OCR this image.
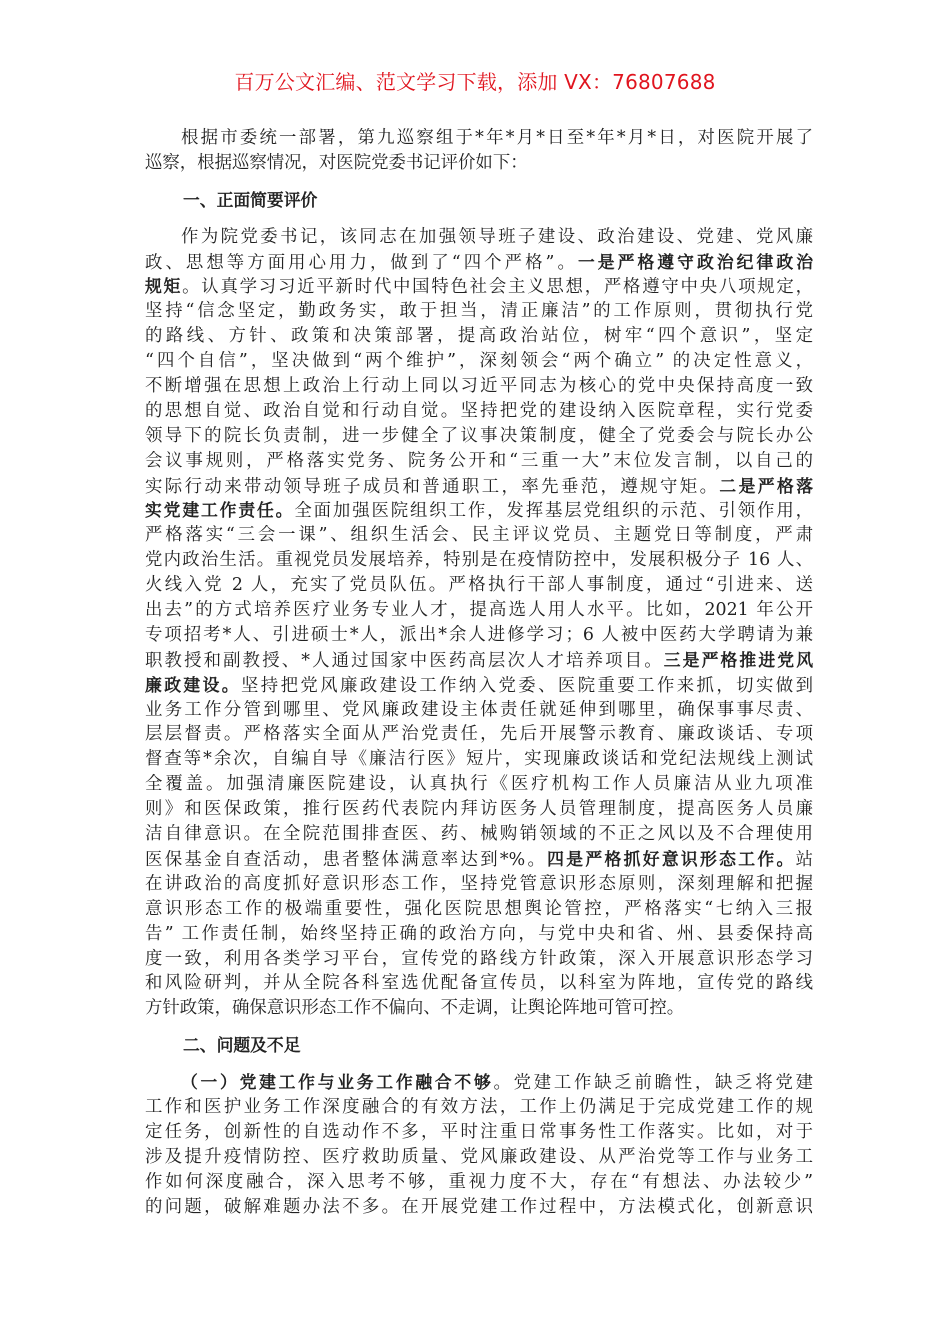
百万公文汇编、范文学习下载，添加 VX：76807688
根据市委统一部署，第九巡察组于*年*月*日至*年*月*日，对医院开展了
巡察，根据巡察情况，对医院党委书记评价如下：
一、正面简要评价
作为院党委书记，该同志在加强领导班子建设、政治建设、党建、党风廉
政、思想等方面用心用力，做到了“四个严格”。一是严格遵守政治纪律政治
规矩。认真学习习近平新时代中国特色社会主义思想，严格遵守中央八项规定，
坚持“信念坚定，勤政务实，敢于担当，清正廉洁”的工作原则，贯彻执行党
的路线、方针、政策和决策部署，提高政治站位，树牢“四个意识”，坚定
“四个自信”，坚决做到“两个维护”，深刻领会“两个确立” 的决定性意义，
不断增强在思想上政治上行动上同以习近平同志为核心的党中央保持高度一致
的思想自觉、政治自觉和行动自觉。坚持把党的建设纳入医院章程，实行党委
领导下的院长负责制，进一步健全了议事决策制度，健全了党委会与院长办公
会议事规则，严格落实党务、院务公开和“三重一大”末位发言制，以自己的
实际行动来带动领导班子成员和普通职工，率先垂范，遵规守矩。二是严格落
实党建工作责任。全面加强医院组织工作，发挥基层党组织的示范、引领作用，
严格落实“三会一课”、组织生活会、民主评议党员、主题党日等制度，严肃
党内政治生活。重视党员发展培养，特别是在疫情防控中，发展积极分子 16 人、
火线入党 2 人，充实了党员队伍。严格执行干部人事制度，通过“引进来、送
出去”的方式培养医疗业务专业人才，提高选人用人水平。比如，2021 年公开
专项招考*人、引进硕士*人，派出*余人进修学习；6 人被中医药大学聘请为兼
职教授和副教授、*人通过国家中医药高层次人才培养项目。三是严格推进党风
廉政建设。坚持把党风廉政建设工作纳入党委、医院重要工作来抓，切实做到
业务工作分管到哪里、党风廉政建设主体责任就延伸到哪里，确保事事尽责、
层层督责。严格落实全面从严治党责任，先后开展警示教育、廉政谈话、专项
督查等*余次，自编自导《廉洁行医》短片，实现廉政谈话和党纪法规线上测试
全覆盖。加强清廉医院建设，认真执行《医疗机构工作人员廉洁从业九项准
则》和医保政策，推行医药代表院内拜访医务人员管理制度，提高医务人员廉
洁自律意识。在全院范围排查医、药、械购销领域的不正之风以及不合理使用
医保基金自查活动，患者整体满意率达到*%。四是严格抓好意识形态工作。站
在讲政治的高度抓好意识形态工作，坚持党管意识形态原则，深刻理解和把握
意识形态工作的极端重要性，强化医院思想舆论管控，严格落实“七纳入三报
告” 工作责任制，始终坚持正确的政治方向，与党中央和省、州、县委保持高
度一致，利用各类学习平台，宣传党的路线方针政策，深入开展意识形态学习
和风险研判，并从全院各科室选优配备宣传员，以科室为阵地，宣传党的路线
方针政策，确保意识形态工作不偏向、不走调，让舆论阵地可管可控。
二、问题及不足
（一）党建工作与业务工作融合不够。党建工作缺乏前瞻性，缺乏将党建
工作和医护业务工作深度融合的有效方法，工作上仍满足于完成党建工作的规
定任务，创新性的自选动作不多，平时注重日常事务性工作落实。比如，对于
涉及提升疫情防控、医疗救助质量、党风廉政建设、从严治党等工作与业务工
作如何深度融合，深入思考不够，重视力度不大，存在“有想法、办法较少”
的问题，破解难题办法不多。在开展党建工作过程中，方法模式化，创新意识
